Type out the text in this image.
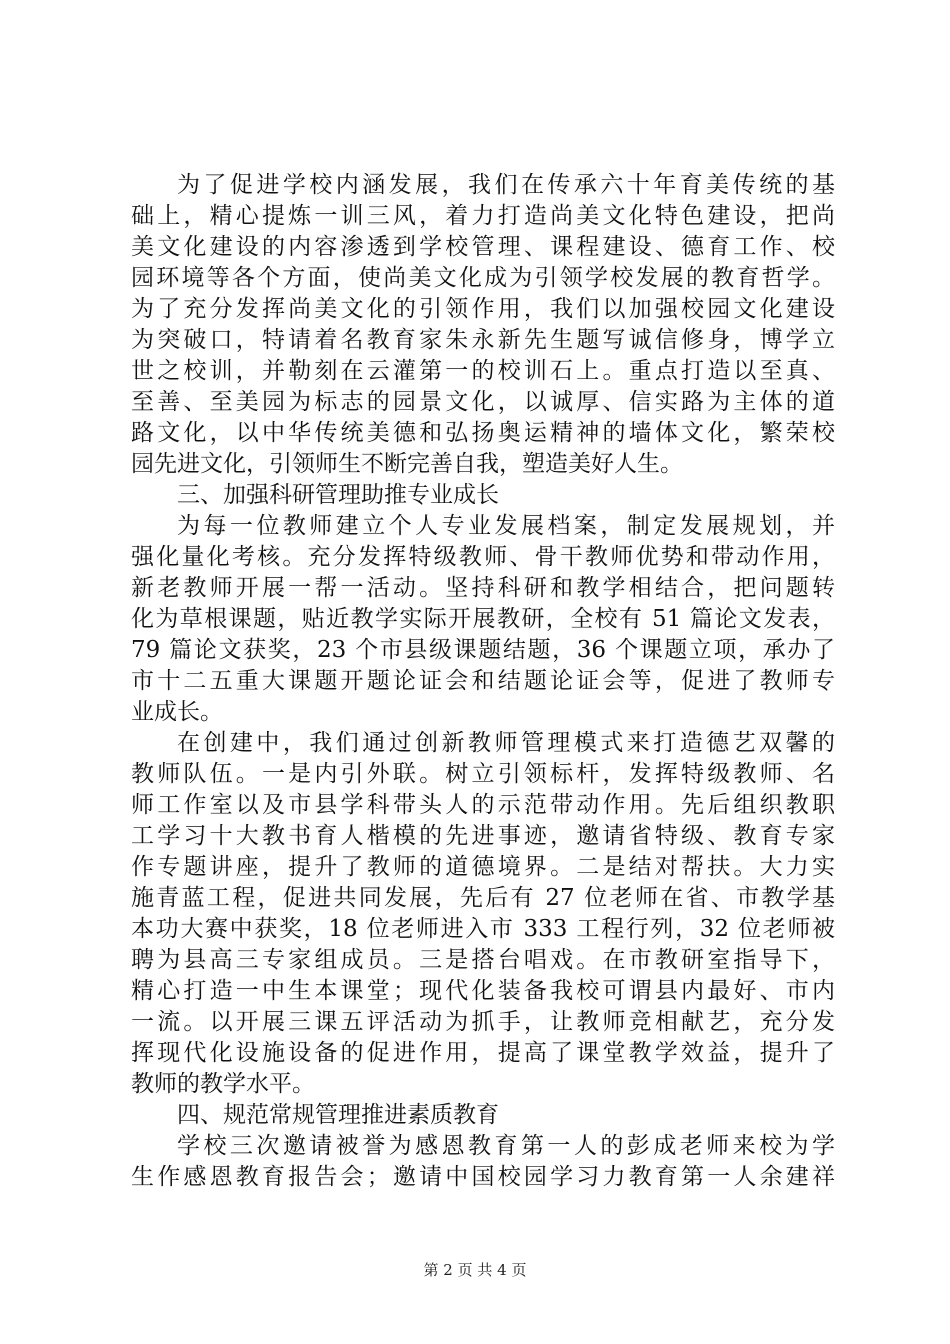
为了促进学校内涵发展，我们在传承六十年育美传统的基
础上，精心提炼一训三风，着力打造尚美文化特色建设，把尚
美文化建设的内容渗透到学校管理、课程建设、德育工作、校
园环境等各个方面，使尚美文化成为引领学校发展的教育哲学。
为了充分发挥尚美文化的引领作用，我们以加强校园文化建设
为突破口，特请着名教育家朱永新先生题写诚信修身，博学立
世之校训，并勒刻在云灌第一的校训石上。重点打造以至真、
至善、至美园为标志的园景文化，以诚厚、信实路为主体的道
路文化，以中华传统美德和弘扬奥运精神的墙体文化，繁荣校
园先进文化，引领师生不断完善自我，塑造美好人生。
三、加强科研管理助推专业成长
为每一位教师建立个人专业发展档案，制定发展规划，并
强化量化考核。充分发挥特级教师、骨干教师优势和带动作用，
新老教师开展一帮一活动。坚持科研和教学相结合，把问题转
化为草根课题，贴近教学实际开展教研，全校有 51 篇论文发表，
79 篇论文获奖，23 个市县级课题结题，36 个课题立项，承办了
市十二五重大课题开题论证会和结题论证会等，促进了教师专
业成长。
在创建中，我们通过创新教师管理模式来打造德艺双馨的
教师队伍。一是内引外联。树立引领标杆，发挥特级教师、名
师工作室以及市县学科带头人的示范带动作用。先后组织教职
工学习十大教书育人楷模的先进事迹，邀请省特级、教育专家
作专题讲座，提升了教师的道德境界。二是结对帮扶。大力实
施青蓝工程，促进共同发展，先后有 27 位老师在省、市教学基
本功大赛中获奖，18 位老师进入市 333 工程行列，32 位老师被
聘为县高三专家组成员。三是搭台唱戏。在市教研室指导下，
精心打造一中生本课堂；现代化装备我校可谓县内最好、市内
一流。以开展三课五评活动为抓手，让教师竞相献艺，充分发
挥现代化设施设备的促进作用，提高了课堂教学效益，提升了
教师的教学水平。
四、规范常规管理推进素质教育
学校三次邀请被誉为感恩教育第一人的彭成老师来校为学
生作感恩教育报告会；邀请中国校园学习力教育第一人余建祥
第 2 页 共 4 页
